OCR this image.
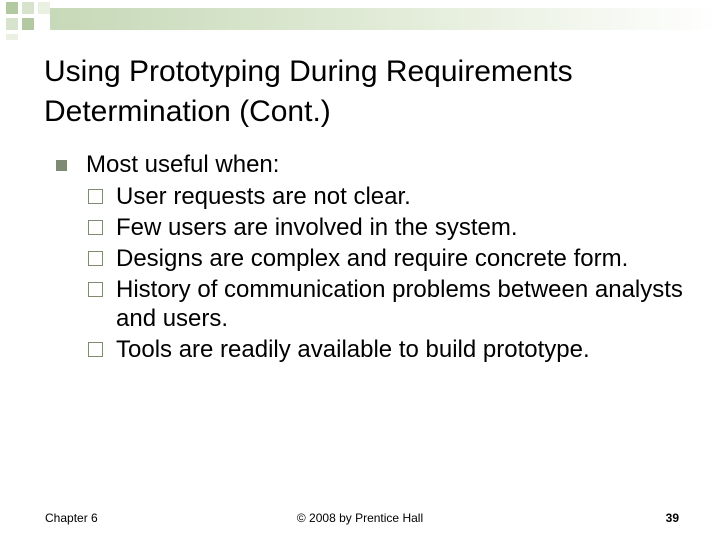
Using Prototyping During Requirements Determination (Cont.)
Most useful when:
User requests are not clear.
Few users are involved in the system.
Designs are complex and require concrete form.
History of communication problems between analysts and users.
Tools are readily available to build prototype.
Chapter 6	© 2008 by Prentice Hall	39
